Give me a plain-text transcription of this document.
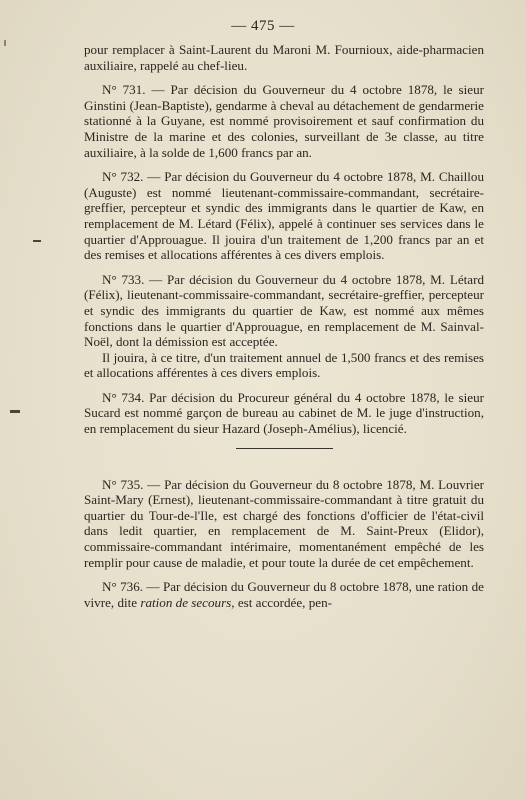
— 475 —

pour remplacer à Saint-Laurent du Maroni M. Fournioux, aide-pharmacien auxiliaire, rappelé au chef-lieu.

N° 731. — Par décision du Gouverneur du 4 octobre 1878, le sieur Ginstini (Jean-Baptiste), gendarme à cheval au détachement de gendarmerie stationné à la Guyane, est nommé provisoirement et sauf confirmation du Ministre de la marine et des colonies, surveillant de 3e classe, au titre auxiliaire, à la solde de 1,600 francs par an.

N° 732. — Par décision du Gouverneur du 4 octobre 1878, M. Chaillou (Auguste) est nommé lieutenant-commissaire-commandant, secrétaire-greffier, percepteur et syndic des immigrants dans le quartier de Kaw, en remplacement de M. Létard (Félix), appelé à continuer ses services dans le quartier d'Approuague. Il jouira d'un traitement de 1,200 francs par an et des remises et allocations afférentes à ces divers emplois.

N° 733. — Par décision du Gouverneur du 4 octobre 1878, M. Létard (Félix), lieutenant-commissaire-commandant, secrétaire-greffier, percepteur et syndic des immigrants du quartier de Kaw, est nommé aux mêmes fonctions dans le quartier d'Approuague, en remplacement de M. Sainval-Noël, dont la démission est acceptée.

Il jouira, à ce titre, d'un traitement annuel de 1,500 francs et des remises et allocations afférentes à ces divers emplois.

N° 734. Par décision du Procureur général du 4 octobre 1878, le sieur Sucard est nommé garçon de bureau au cabinet de M. le juge d'instruction, en remplacement du sieur Hazard (Joseph-Amélius), licencié.

N° 735. — Par décision du Gouverneur du 8 octobre 1878, M. Louvrier Saint-Mary (Ernest), lieutenant-commissaire-commandant à titre gratuit du quartier du Tour-de-l'Ile, est chargé des fonctions d'officier de l'état-civil dans ledit quartier, en remplacement de M. Saint-Preux (Elidor), commissaire-commandant intérimaire, momentanément empêché de les remplir pour cause de maladie, et pour toute la durée de cet empêchement.

N° 736. — Par décision du Gouverneur du 8 octobre 1878, une ration de vivre, dite ration de secours, est accordée, pen-
